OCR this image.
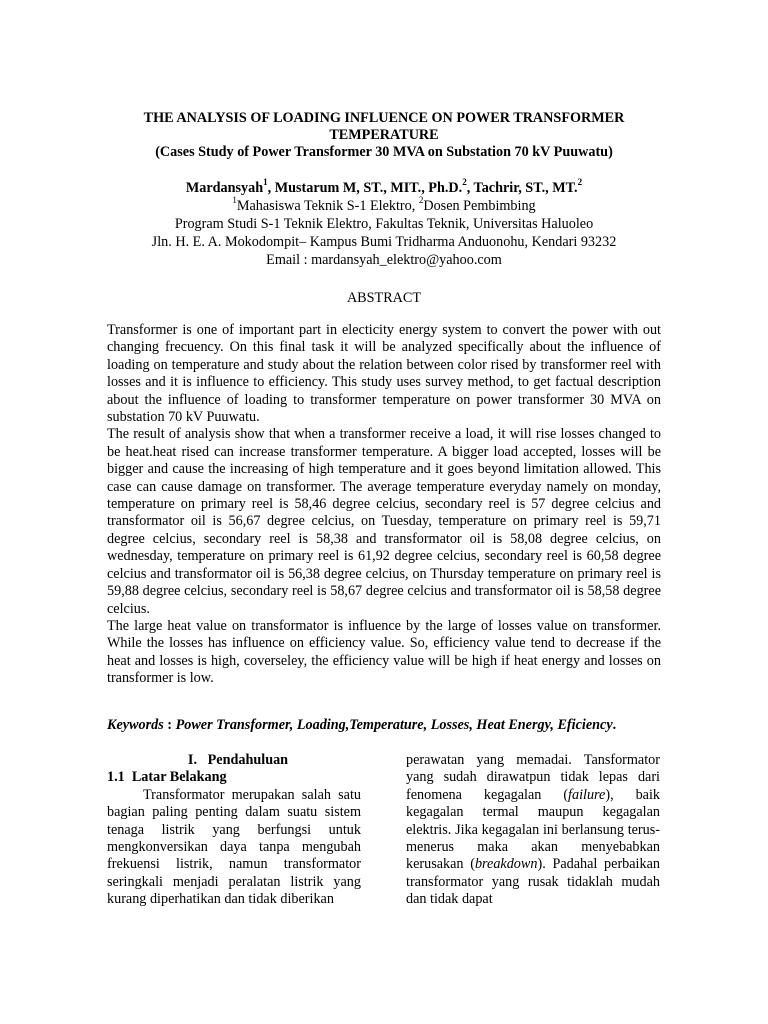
THE ANALYSIS OF LOADING INFLUENCE ON POWER TRANSFORMER
TEMPERATURE
(Cases Study of Power Transformer 30 MVA on Substation 70 kV Puuwatu)
Mardansyah$^1$, Mustarum M, ST., MIT., Ph.D.$^2$, Tachrir, ST., MT.$^2$
$^1$Mahasiswa Teknik S-1 Elektro, $^2$Dosen Pembimbing
Program Studi S-1 Teknik Elektro, Fakultas Teknik, Universitas Haluoleo
Jln. H. E. A. Mokodompit– Kampus Bumi Tridharma Anduonohu, Kendari 93232
Email : mardansyah_elektro@yahoo.com
ABSTRACT

Transformer is one of important part in electicity energy system to convert the power with out changing frecuency. On this final task it will be analyzed specifically about the influence of loading on temperature and study about the relation between color rised by transformer reel with losses and it is influence to efficiency. This study uses survey method, to get factual description about the influence of loading to transformer temperature on power transformer 30 MVA on substation 70 kV Puuwatu.

The result of analysis show that when a transformer receive a load, it will rise losses changed to be heat.heat rised can increase transformer temperature. A bigger load accepted, losses will be bigger and cause the increasing of high temperature and it goes beyond limitation allowed. This case can cause damage on transformer. The average temperature everyday namely on monday, temperature on primary reel is 58,46 degree celcius, secondary reel is 57 degree celcius and transformator oil is 56,67 degree celcius, on Tuesday, temperature on primary reel is 59,71 degree celcius, secondary reel is 58,38 and transformator oil is 58,08 degree celcius, on wednesday, temperature on primary reel is 61,92 degree celcius, secondary reel is 60,58 degree celcius and transformator oil is 56,38 degree celcius, on Thursday temperature on primary reel is 59,88 degree celcius, secondary reel is 58,67 degree celcius and transformator oil is 58,58 degree celcius.

The large heat value on transformator is influence by the large of losses value on transformer. While the losses has influence on efficiency value. So, efficiency value tend to decrease if the heat and losses is high, coverseley, the efficiency value will be high if heat energy and losses on transformer is low.

Keywords : Power Transformer, Loading,Temperature, Losses, Heat Energy, Eficiency.
I.   Pendahuluan
1.1  Latar Belakang

Transformator merupakan salah satu bagian paling penting dalam suatu sistem tenaga listrik yang berfungsi untuk mengkonversikan daya tanpa mengubah frekuensi listrik, namun transformator seringkali menjadi peralatan listrik yang kurang diperhatikan dan tidak diberikan

perawatan yang memadai. Tansformator yang sudah dirawatpun tidak lepas dari fenomena kegagalan (failure), baik kegagalan termal maupun kegagalan elektris. Jika kegagalan ini berlansung terus-menerus maka akan menyebabkan kerusakan (breakdown). Padahal perbaikan transformator yang rusak tidaklah mudah dan tidak dapat
